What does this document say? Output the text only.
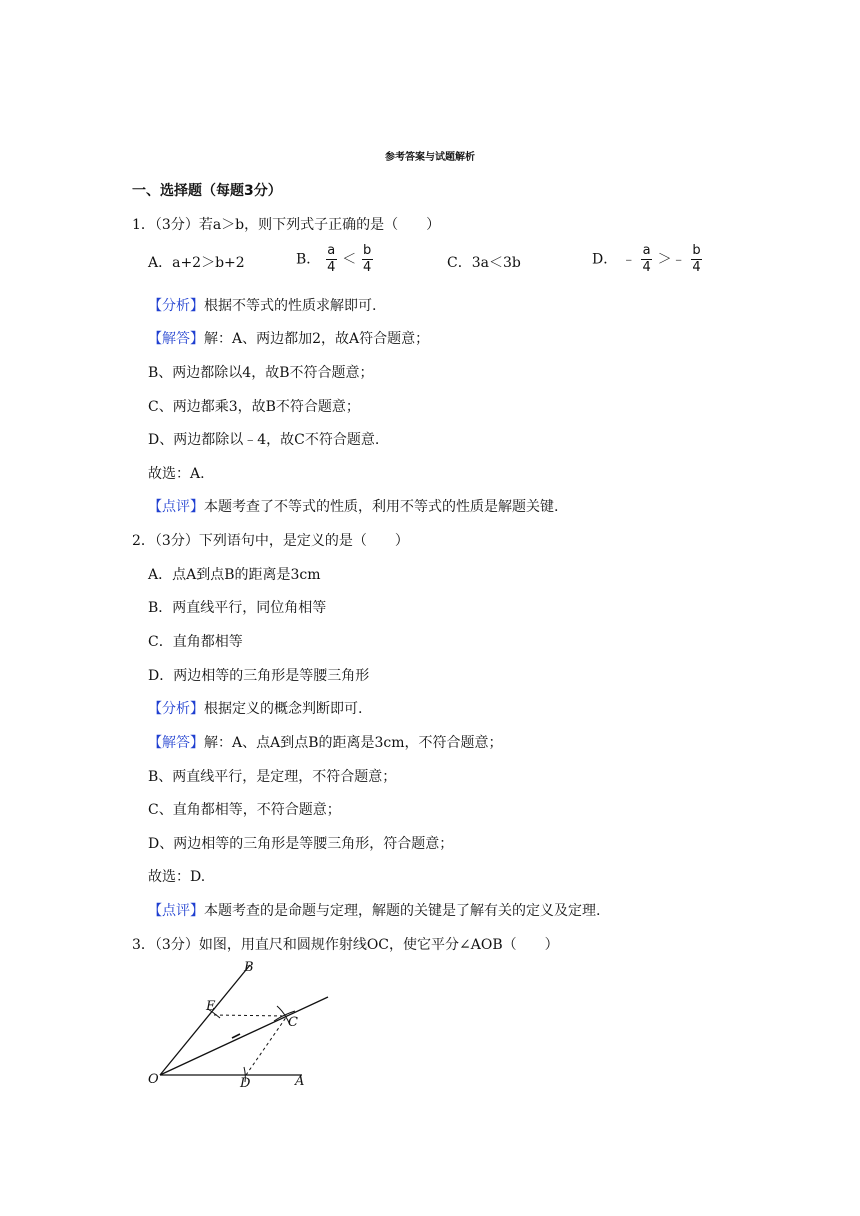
参考答案与试题解析
一、选择题（每题3分）
1．（3分）若a＞b，则下列式子正确的是（　　）
A．a+2＞b+2	B． $\frac{a}{4} < \frac{b}{4}$	C．3a＜3b	D． ﹣ $\frac{a}{4}$ ＞﹣ $\frac{b}{4}$
【分析】根据不等式的性质求解即可.
【解答】解：A、两边都加2，故A符合题意；
B、两边都除以4，故B不符合题意；
C、两边都乘3，故B不符合题意；
D、两边都除以﹣4，故C不符合题意.
故选：A.
【点评】本题考查了不等式的性质，利用不等式的性质是解题关键.
2．（3分）下列语句中，是定义的是（　　）
A．点A到点B的距离是3cm
B．两直线平行，同位角相等
C．直角都相等
D．两边相等的三角形是等腰三角形
【分析】根据定义的概念判断即可.
【解答】解：A、点A到点B的距离是3cm，不符合题意；
B、两直线平行，是定理，不符合题意；
C、直角都相等，不符合题意；
D、两边相等的三角形是等腰三角形，符合题意；
故选：D.
【点评】本题考查的是命题与定理，解题的关键是了解有关的定义及定理.
3．（3分）如图，用直尺和圆规作射线OC，使它平分∠AOB（　　）
B
E
C
O	D	A
